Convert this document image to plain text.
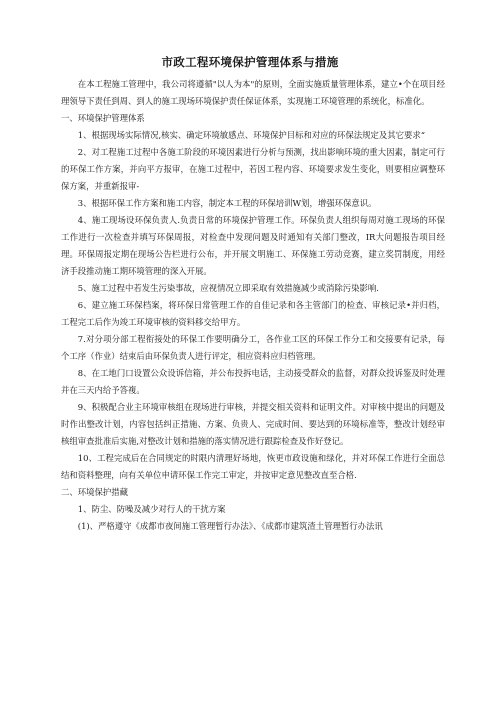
市政工程环境保护管理体系与措施

在本工程施工管理中，我公司将遵循"以人为本"的原则，全面实施质量管理体系，建立•个在项目经理领导下责任到周、到人的施工现场环境保护责任保证体系，实现施工环境管理的系统化，标准化。

一、环境保护管理体系

1、根据现场实际情况,核实、确定环境敏感点、环境保护目标和对应的环保法规定及其它要求“

2、对工程施工过程中各施工阶段的环境因素进行分析与预测，找出影响环境的重大因素，制定可行的环保工作方案，并向平方报审，在施工过程中，若因工程内容、环境要求发生变化，则要相应调整环保方案，并重新报审-

3、根据环保工作方案和施工内容，制定本工程的环保培训W划，增强环保意识。

4、施工现场设环保负责人.负责日常的环境保护管理工作。环保负责人组织每周对施工现场的环保工作进行一次检查并填写环保周报，对检查中发现问题及时通知有关部门整改，IR大问题报告项目经理。环保周报定期在现场公告栏进行公布，并开展文明施工、环保施工劳动竞赛，建立奖罚制度，用经济手段推动施工期环境管理的深入开展。

5、施工过程中若发生污染事故，应视情况立即采取有效措施减少或消除污染影响.

6、建立施工环保档案，将环保日常管理工作的自佳记录和各主管部门的检查、审核记录•并归档，工程完工后作为竣工环境审核的资料移交给甲方。

7.对分项分部工程衔接处的环保工作要明确分工，各作业工区的环保工作分工和交接要有记录，每个工序（作业）结束后由环保负责人进行评定，相应资料应归档管理。

8、在工地门口设置公众设诉信箱，并公布投拆电话，主动接受群众的监督，对群众投诉鉴及时处理并在三天内给予答複。

9、积极配合业主环境审核组在现场进行审核，并提交相关资料和证明文件。对审核中提出的问题及时作出整改计划，内容包括纠正措施、方案、负贵人、完成时间、要达到的环境标准等，整改计划经审核组审查批准后实施,对整改计划和措施的落实情况进行跟踪检查及作好登记。

10、工程完成后在合同规定的时限内清理好场地，恢更市政设施和绿化，并对环保工作进行全面总结和资料整理，向有关单位申请环保工作完工审定，并按审定意见整改直至合格.

二、环境保护措藏

1、防尘、防噪及减少对行人的干扰方案

(1)、严格遵守《成都市夜间施工管理暂行办法》、《成都市建筑渣土管理暂行办法讯
